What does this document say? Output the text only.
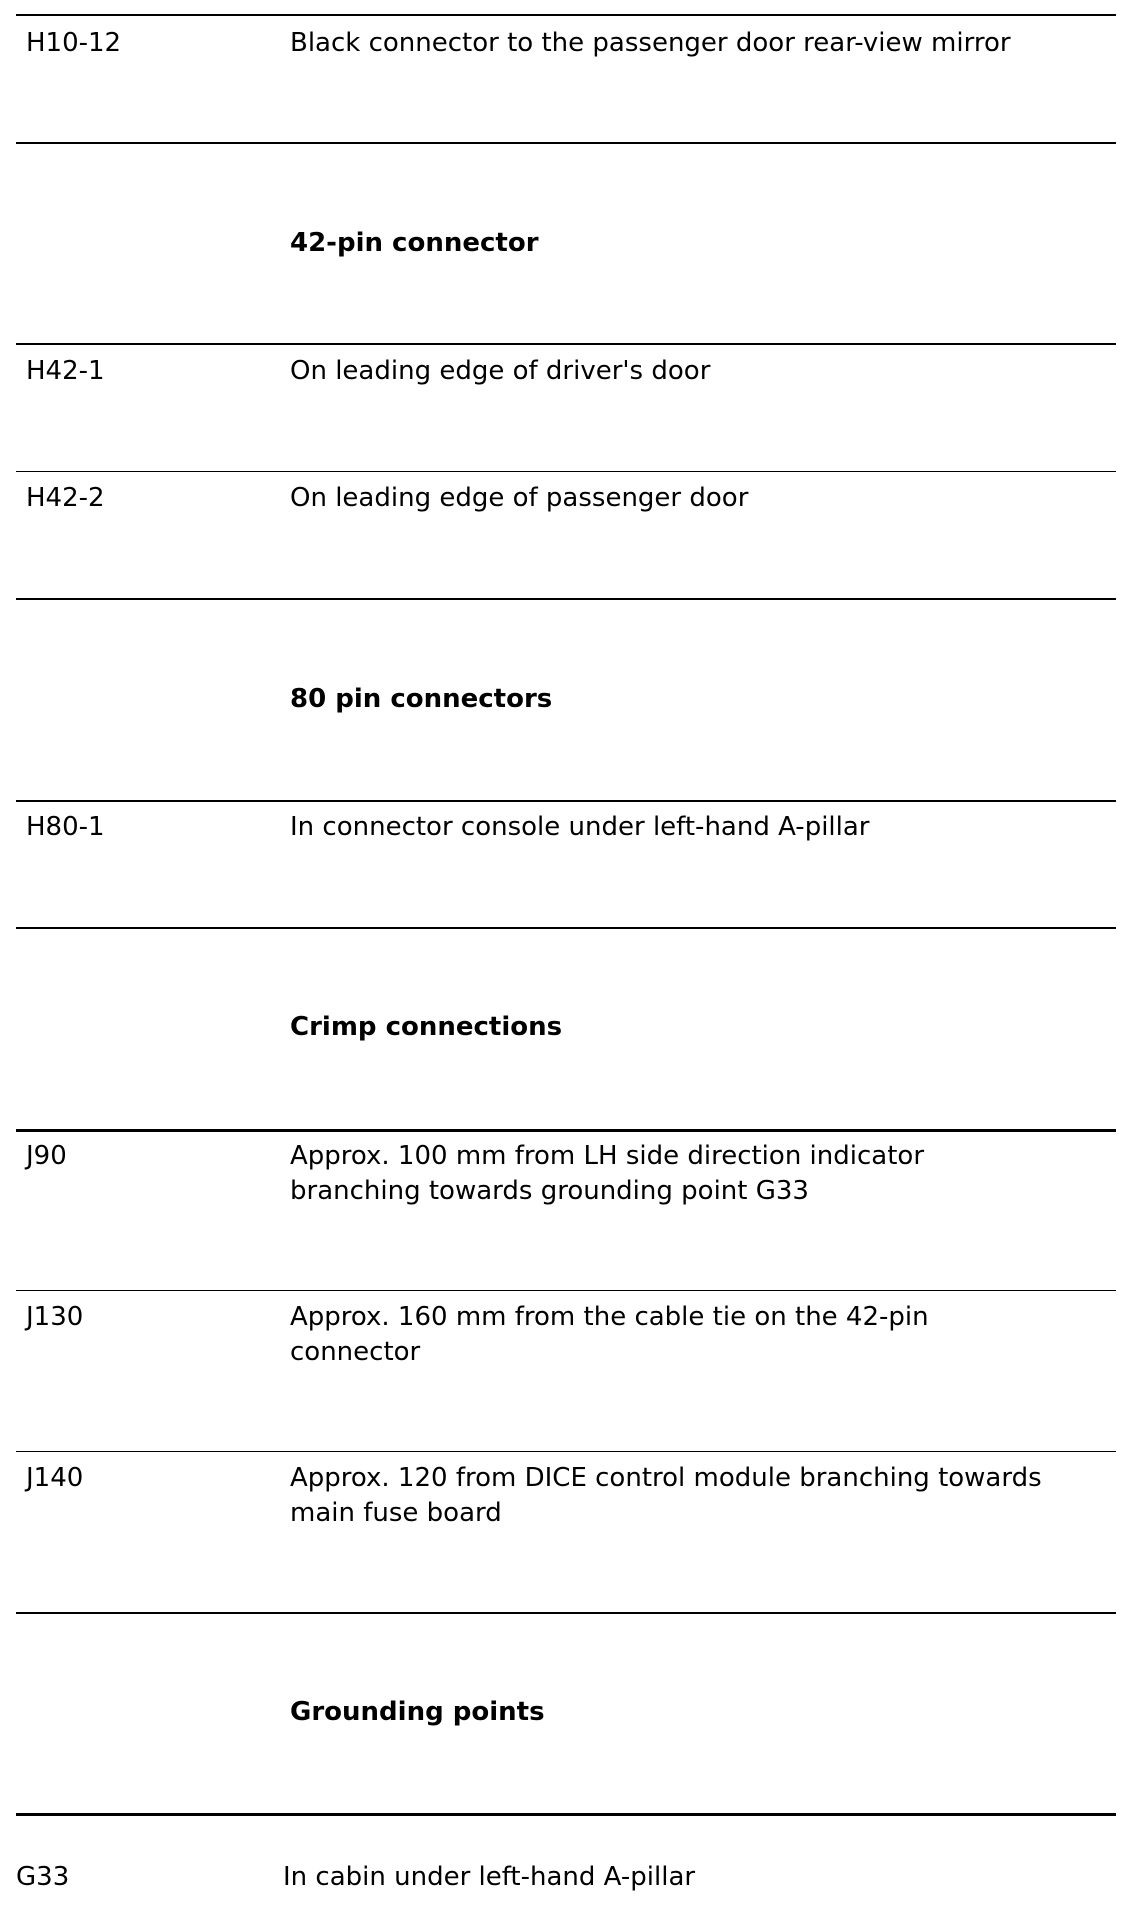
H10-12	Black connector to the passenger door rear-view mirror
42-pin connector
H42-1	On leading edge of driver's door
H42-2	On leading edge of passenger door
80 pin connectors
H80-1	In connector console under left-hand A-pillar
Crimp connections
J90	Approx. 100 mm from LH side direction indicator
branching towards grounding point G33
J130	Approx. 160 mm from the cable tie on the 42-pin
connector
J140	Approx. 120 from DICE control module branching towards
main fuse board
Grounding points
G33	In cabin under left-hand A-pillar
